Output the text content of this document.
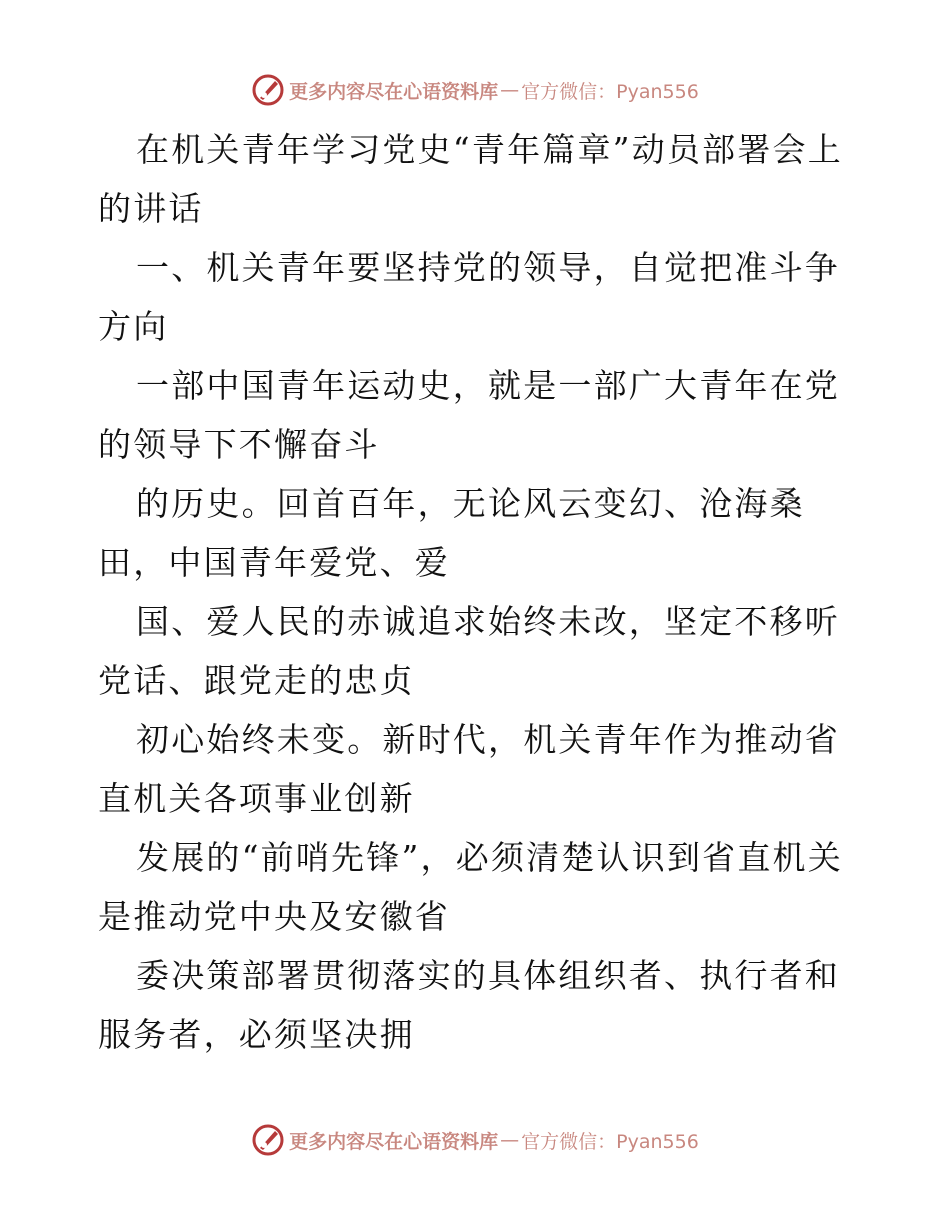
更多内容尽在心语资料库 — 官方微信：Pyan556

在机关青年学习党史“青年篇章”动员部署会上的讲话

一、机关青年要坚持党的领导，自觉把准斗争方向

一部中国青年运动史，就是一部广大青年在党的领导下不懈奋斗

的历史。回首百年，无论风云变幻、沧海桑田，中国青年爱党、爱

国、爱人民的赤诚追求始终未改，坚定不移听党话、跟党走的忠贞

初心始终未变。新时代，机关青年作为推动省直机关各项事业创新

发展的“前哨先锋”，必须清楚认识到省直机关是推动党中央及安徽省

委决策部署贯彻落实的具体组织者、执行者和服务者，必须坚决拥

更多内容尽在心语资料库 — 官方微信：Pyan556
